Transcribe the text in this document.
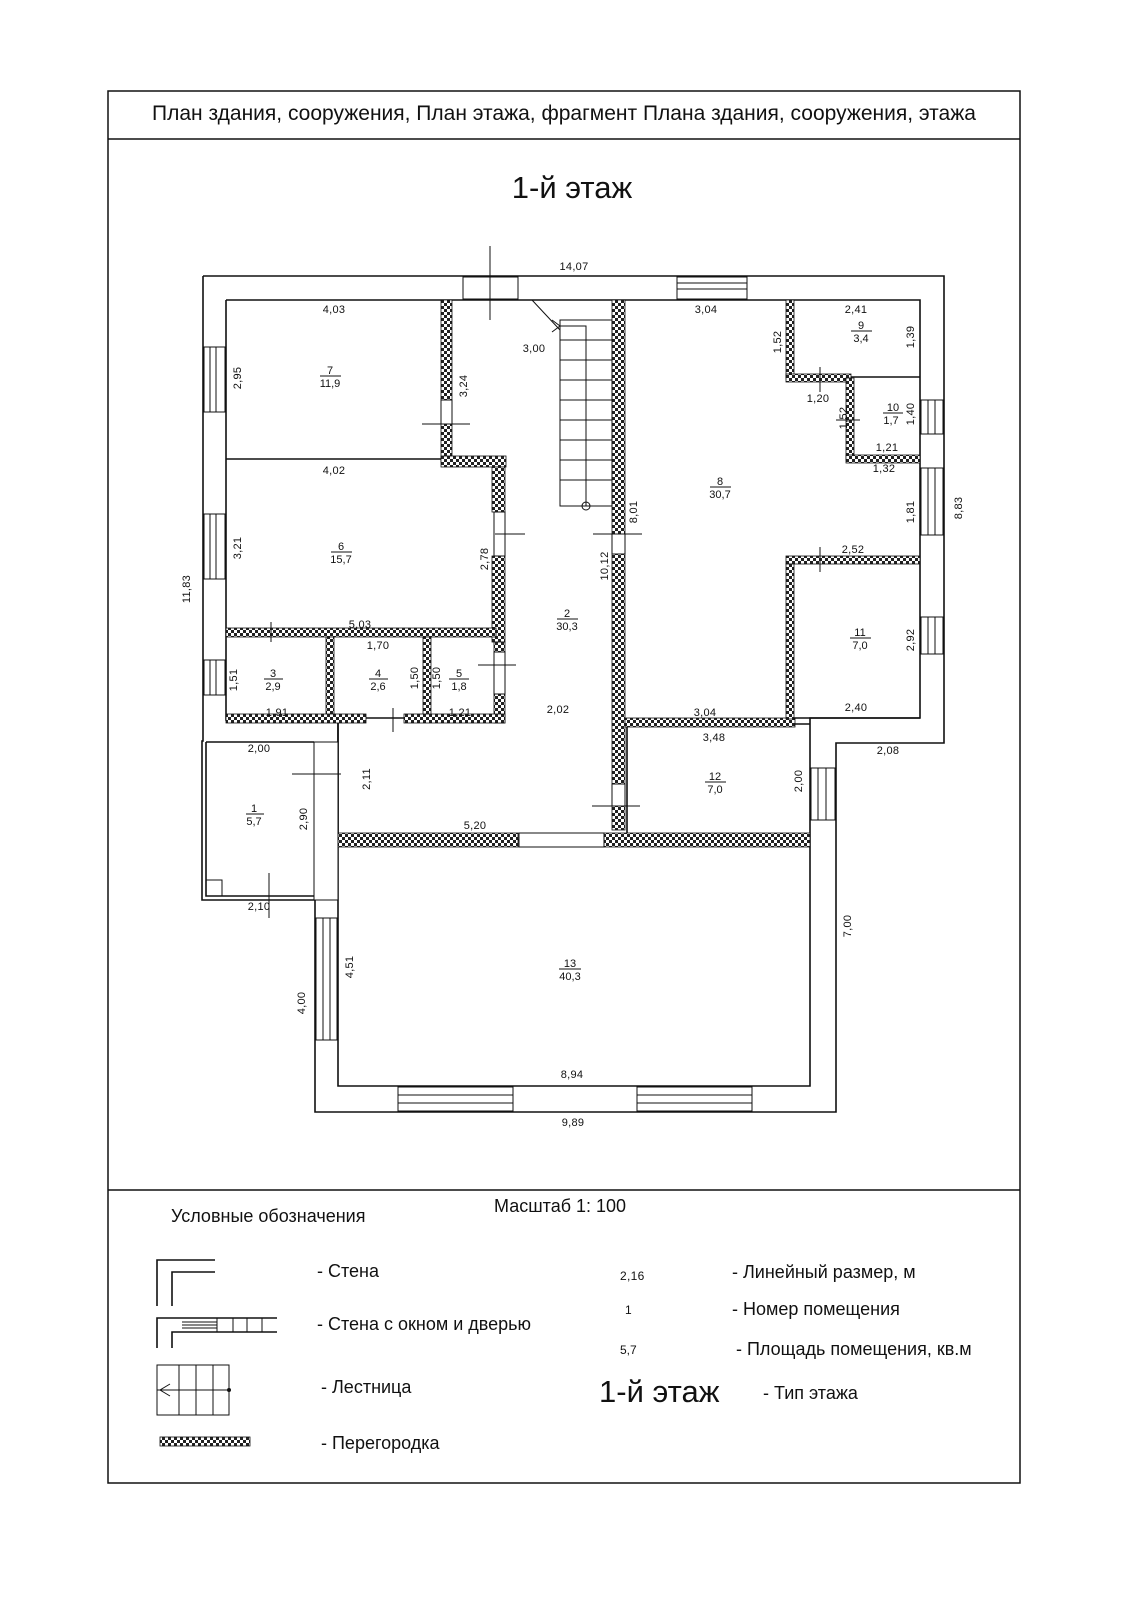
План здания, сооружения, План этажа, фрагмент Плана здания, сооружения, этажа
1-й этаж
1
5,7
2
30,3
3
2,9
4
2,6
5
1,8
6
15,7
7
11,9
8
30,7
9
3,4
10
1,7
11
7,0
12
7,0
13
40,3
14,07
4,03	3,04	2,41
3,00
1,20
1,21
4,02	1,32
2,52
5,03
1,70
1,91	1,21	2,02	3,04	2,40
3,48
2,00	2,08
5,20
2,10
8,94
9,89
2,95	3,24
1,52	1,39
1,52	1,40
8,83
3,21	2,78
8,01	1,81
10,12
11,83
2,92
1,51	1,50 1,50
2,11	2,00
2,90
7,00
4,51
4,00
Условные обозначения	Масштаб 1: 100
- Стена
- Стена с окном и дверью
- Лестница
- Перегородка
2,16	- Линейный размер, м
1	- Номер помещения
5,7	- Площадь помещения, кв.м
1-й этаж - Тип этажа
